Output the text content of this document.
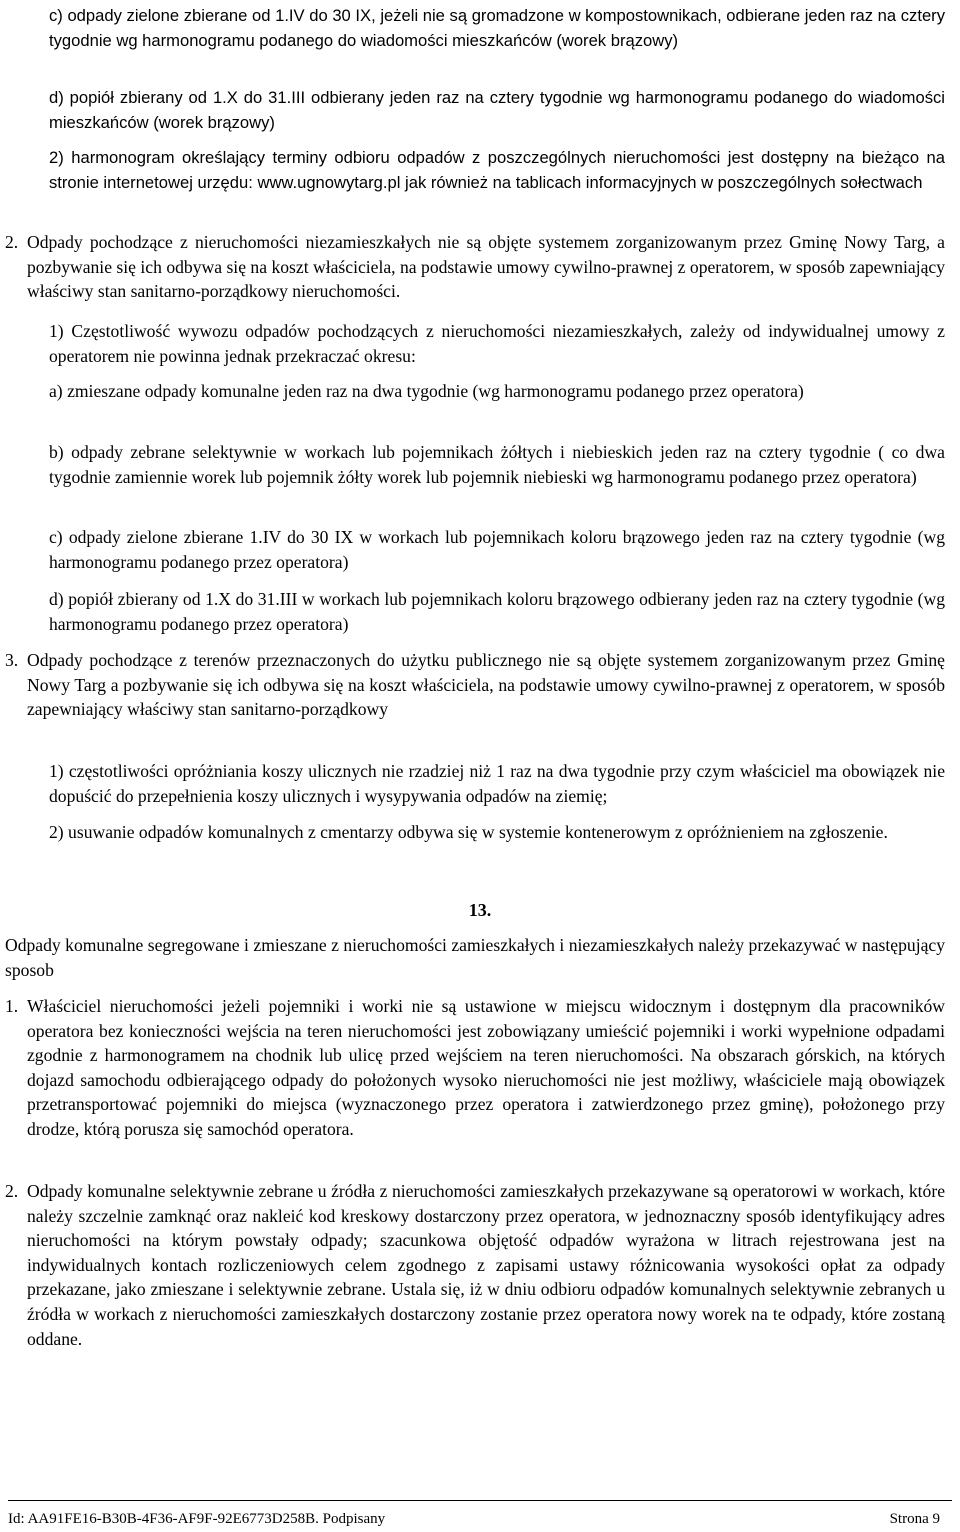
c) odpady zielone zbierane od 1.IV do 30 IX, jeżeli nie są gromadzone w kompostownikach, odbierane jeden raz na cztery tygodnie wg harmonogramu podanego do wiadomości mieszkańców (worek brązowy)

d) popiół zbierany od 1.X do 31.III odbierany jeden raz na cztery tygodnie wg harmonogramu podanego do wiadomości mieszkańców (worek brązowy)

2) harmonogram określający terminy odbioru odpadów z poszczególnych nieruchomości jest dostępny na bieżąco na stronie internetowej urzędu: www.ugnowytarg.pl jak również na tablicach informacyjnych w poszczególnych sołectwach

2. Odpady pochodzące z nieruchomości niezamieszkałych nie są objęte systemem zorganizowanym przez Gminę Nowy Targ, a pozbywanie się ich odbywa się na koszt właściciela, na podstawie umowy cywilno-prawnej z operatorem, w sposób zapewniający właściwy stan sanitarno-porządkowy nieruchomości.

1) Częstotliwość wywozu odpadów pochodzących z nieruchomości niezamieszkałych, zależy od indywidualnej umowy z operatorem nie powinna jednak przekraczać okresu:

a) zmieszane odpady komunalne jeden raz na dwa tygodnie (wg harmonogramu podanego przez operatora)

b) odpady zebrane selektywnie w workach lub pojemnikach żółtych i niebieskich jeden raz na cztery tygodnie ( co dwa tygodnie zamiennie worek lub pojemnik żółty worek lub pojemnik niebieski wg harmonogramu podanego przez operatora)

c) odpady zielone zbierane 1.IV do 30 IX w workach lub pojemnikach koloru brązowego jeden raz na cztery tygodnie (wg harmonogramu podanego przez operatora)

d) popiół zbierany od 1.X do 31.III w workach lub pojemnikach koloru brązowego odbierany jeden raz na cztery tygodnie (wg harmonogramu podanego przez operatora)

3. Odpady pochodzące z terenów przeznaczonych do użytku publicznego nie są objęte systemem zorganizowanym przez Gminę Nowy Targ a pozbywanie się ich odbywa się na koszt właściciela, na podstawie umowy cywilno-prawnej z operatorem, w sposób zapewniający właściwy stan sanitarno-porządkowy

1) częstotliwości opróżniania koszy ulicznych nie rzadziej niż 1 raz na dwa tygodnie przy czym właściciel ma obowiązek nie dopuścić do przepełnienia koszy ulicznych i wysypywania odpadów na ziemię;

2) usuwanie odpadów komunalnych z cmentarzy odbywa się w systemie kontenerowym z opróżnieniem na zgłoszenie.

13.

Odpady komunalne segregowane i zmieszane z nieruchomości zamieszkałych i niezamieszkałych należy przekazywać w następujący sposob

1. Właściciel nieruchomości jeżeli pojemniki i worki nie są ustawione w miejscu widocznym i dostępnym dla pracowników operatora bez konieczności wejścia na teren nieruchomości jest zobowiązany umieścić pojemniki i worki wypełnione odpadami zgodnie z harmonogramem na chodnik lub ulicę przed wejściem na teren nieruchomości. Na obszarach górskich, na których dojazd samochodu odbierającego odpady do położonych wysoko nieruchomości nie jest możliwy, właściciele mają obowiązek przetransportować pojemniki do miejsca (wyznaczonego przez operatora i zatwierdzonego przez gminę), położonego przy drodze, którą porusza się samochód operatora.

2. Odpady komunalne selektywnie zebrane u źródła z nieruchomości zamieszkałych przekazywane są operatorowi w workach, które należy szczelnie zamknąć oraz nakleić kod kreskowy dostarczony przez operatora, w jednoznaczny sposób identyfikujący adres nieruchomości na którym powstały odpady; szacunkowa objętość odpadów wyrażona w litrach rejestrowana jest na indywidualnych kontach rozliczeniowych celem zgodnego z zapisami ustawy różnicowania wysokości opłat za odpady przekazane, jako zmieszane i selektywnie zebrane. Ustala się, iż w dniu odbioru odpadów komunalnych selektywnie zebranych u źródła w workach z nieruchomości zamieszkałych dostarczony zostanie przez operatora nowy worek na te odpady, które zostaną oddane.

Id: AA91FE16-B30B-4F36-AF9F-92E6773D258B. Podpisany	Strona 9
